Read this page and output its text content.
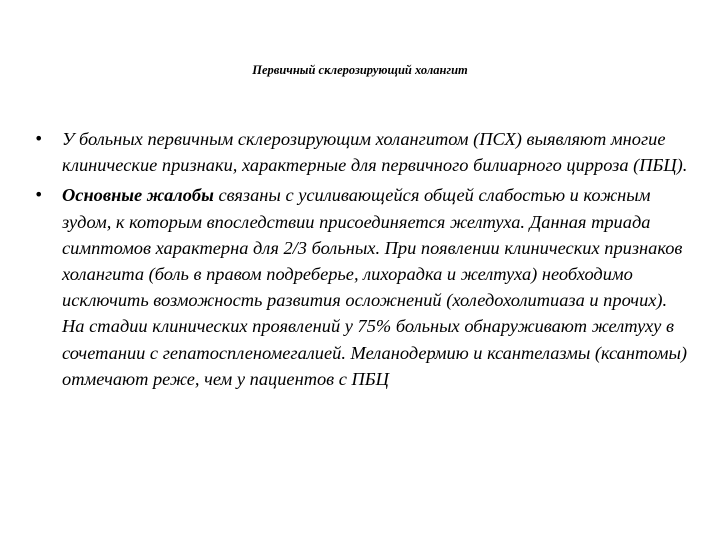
Первичный склерозирующий холангит
• У больных первичным склерозирующим холангитом (ПСХ) выявляют многие клинические признаки, характерные для первичного билиарного цирроза (ПБЦ).
• Основные жалобы связаны с усиливающейся общей слабостью и кожным зудом, к которым впоследствии присоединяется желтуха. Данная триада симптомов характерна для 2/3 больных. При появлении клинических признаков холангита (боль в правом подреберье, лихорадка и желтуха) необходимо исключить возможность развития осложнений (холедохолитиаза и прочих). На стадии клинических проявлений у 75% больных обнаруживают желтуху в сочетании с гепатоспленомегалией. Меланодермию и ксантелазмы (ксантомы) отмечают реже, чем у пациентов с ПБЦ
